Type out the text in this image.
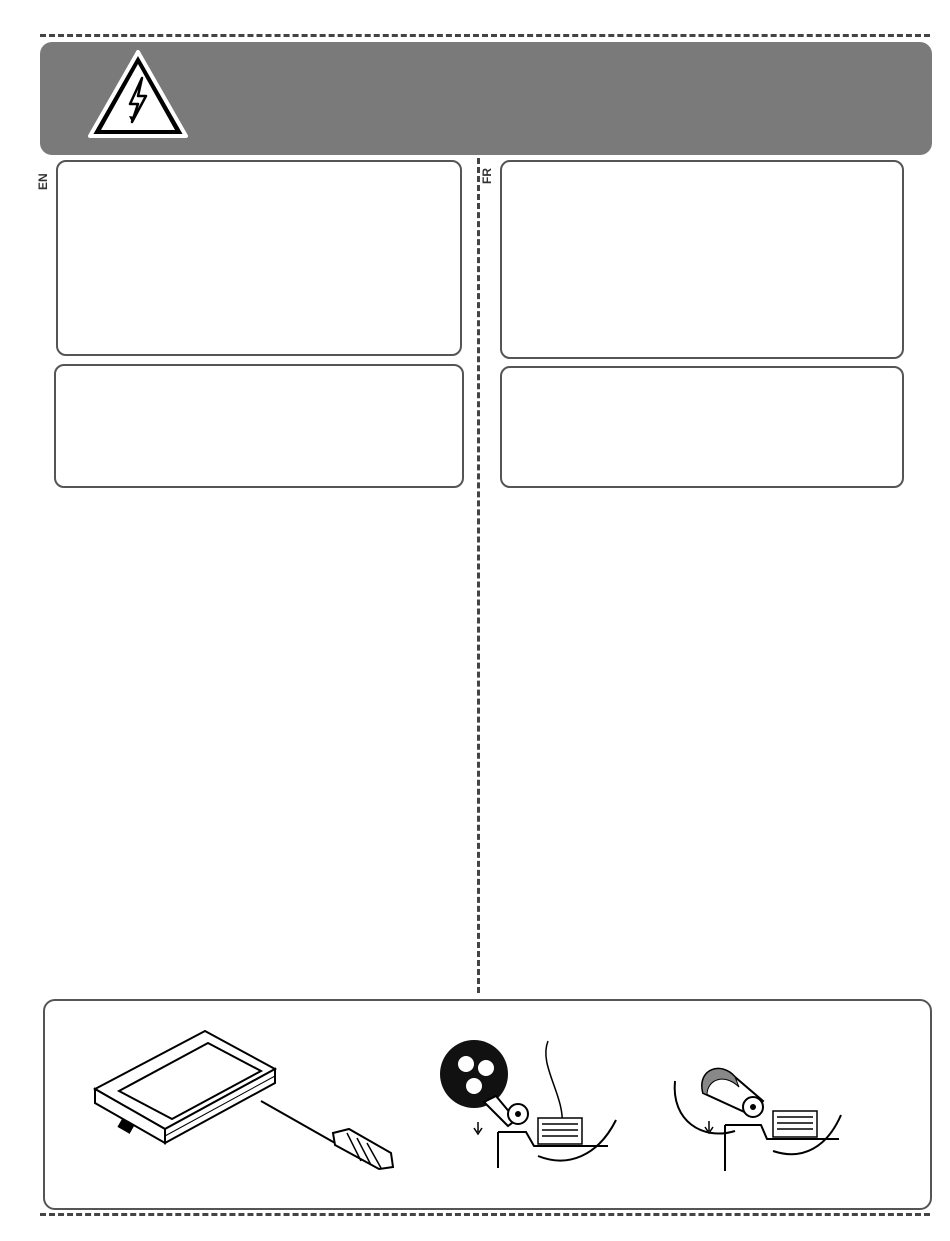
EN	FR
